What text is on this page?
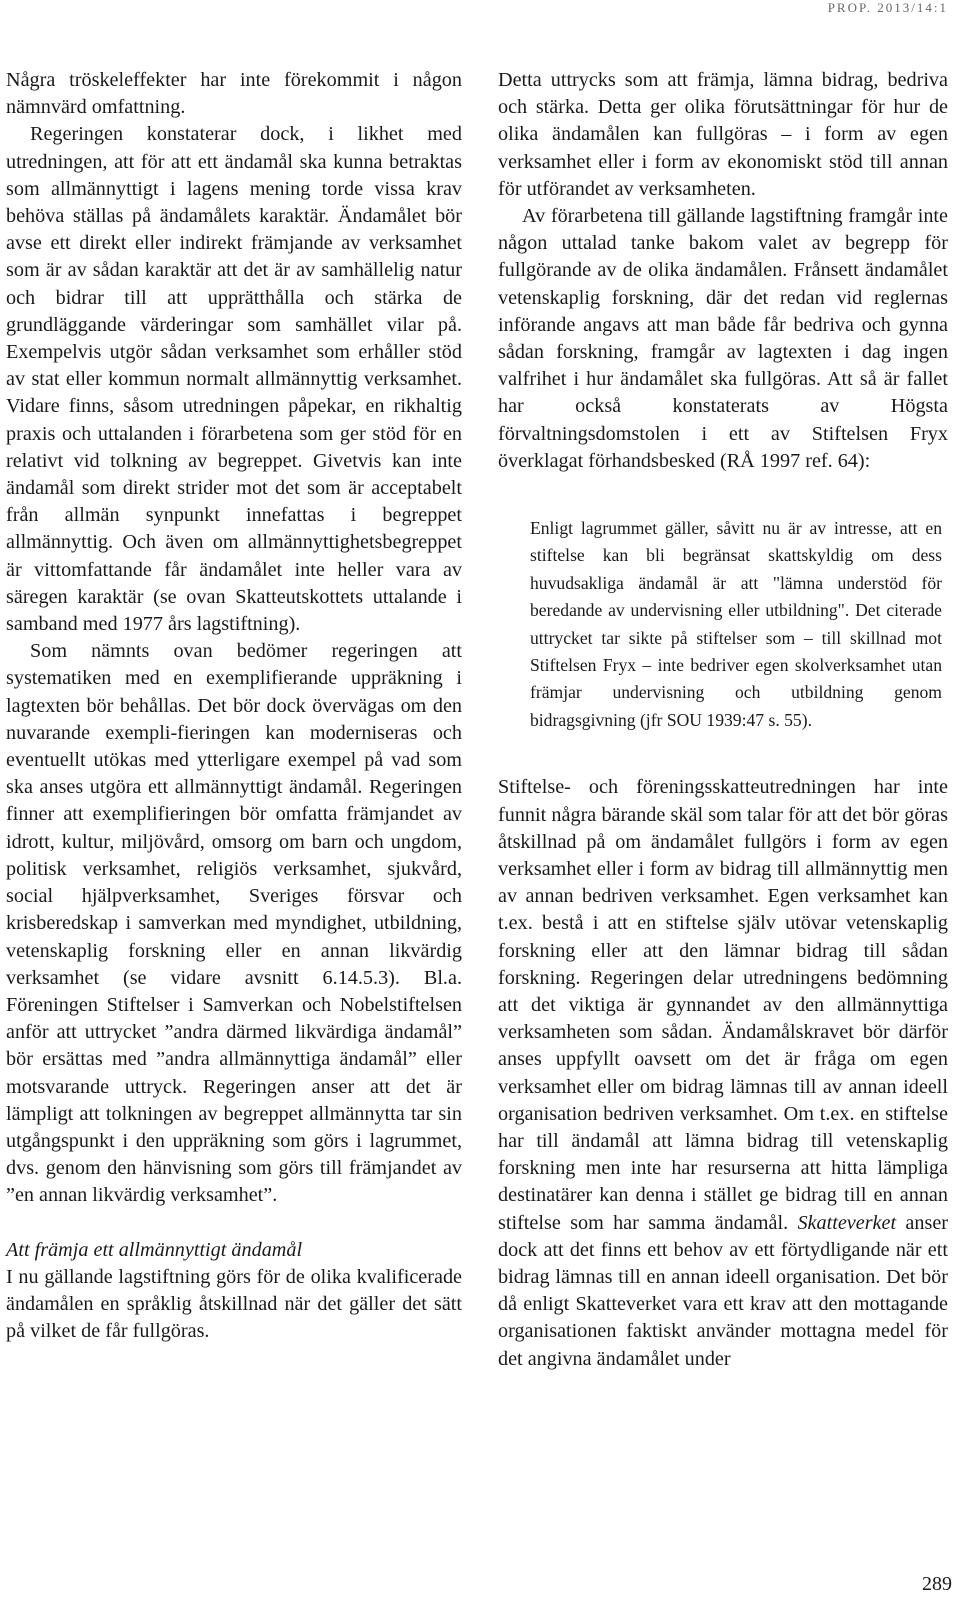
PROP. 2013/14:1

Några tröskeleffekter har inte förekommit i någon nämnvärd omfattning.

Regeringen konstaterar dock, i likhet med utredningen, att för att ett ändamål ska kunna betraktas som allmännyttigt i lagens mening torde vissa krav behöva ställas på ändamålets karaktär. Ändamålet bör avse ett direkt eller indirekt främjande av verksamhet som är av sådan karaktär att det är av samhällelig natur och bidrar till att upprätthålla och stärka de grundläggande värderingar som samhället vilar på. Exempelvis utgör sådan verksamhet som erhåller stöd av stat eller kommun normalt allmännyttig verksamhet. Vidare finns, såsom utredningen påpekar, en rikhaltig praxis och uttalanden i förarbetena som ger stöd för en relativt vid tolkning av begreppet. Givetvis kan inte ändamål som direkt strider mot det som är acceptabelt från allmän synpunkt innefattas i begreppet allmännyttig. Och även om allmännyttighetsbegreppet är vittomfattande får ändamålet inte heller vara av säregen karaktär (se ovan Skatteutskottets uttalande i samband med 1977 års lagstiftning).

Som nämnts ovan bedömer regeringen att systematiken med en exemplifierande uppräkning i lagtexten bör behållas. Det bör dock övervägas om den nuvarande exempli-fieringen kan moderniseras och eventuellt utökas med ytterligare exempel på vad som ska anses utgöra ett allmännyttigt ändamål. Regeringen finner att exemplifieringen bör omfatta främjandet av idrott, kultur, miljövård, omsorg om barn och ungdom, politisk verksamhet, religiös verksamhet, sjukvård, social hjälpverksamhet, Sveriges försvar och krisberedskap i samverkan med myndighet, utbildning, vetenskaplig forskning eller en annan likvärdig verksamhet (se vidare avsnitt 6.14.5.3). Bl.a. Föreningen Stiftelser i Samverkan och Nobelstiftelsen anför att uttrycket ”andra därmed likvärdiga ändamål” bör ersättas med ”andra allmännyttiga ändamål” eller motsvarande uttryck. Regeringen anser att det är lämpligt att tolkningen av begreppet allmännytta tar sin utgångspunkt i den uppräkning som görs i lagrummet, dvs. genom den hänvisning som görs till främjandet av ”en annan likvärdig verksamhet”.

Att främja ett allmännyttigt ändamål

I nu gällande lagstiftning görs för de olika kvalificerade ändamålen en språklig åtskillnad när det gäller det sätt på vilket de får fullgöras.

Detta uttrycks som att främja, lämna bidrag, bedriva och stärka. Detta ger olika förutsättningar för hur de olika ändamålen kan fullgöras – i form av egen verksamhet eller i form av ekonomiskt stöd till annan för utförandet av verksamheten.

Av förarbetena till gällande lagstiftning framgår inte någon uttalad tanke bakom valet av begrepp för fullgörande av de olika ändamålen. Frånsett ändamålet vetenskaplig forskning, där det redan vid reglernas införande angavs att man både får bedriva och gynna sådan forskning, framgår av lagtexten i dag ingen valfrihet i hur ändamålet ska fullgöras. Att så är fallet har också konstaterats av Högsta förvaltningsdomstolen i ett av Stiftelsen Fryx överklagat förhandsbesked (RÅ 1997 ref. 64):

Enligt lagrummet gäller, såvitt nu är av intresse, att en stiftelse kan bli begränsat skattskyldig om dess huvudsakliga ändamål är att "lämna understöd för beredande av undervisning eller utbildning". Det citerade uttrycket tar sikte på stiftelser som – till skillnad mot Stiftelsen Fryx – inte bedriver egen skolverksamhet utan främjar undervisning och utbildning genom bidragsgivning (jfr SOU 1939:47 s. 55).

Stiftelse- och föreningsskatteutredningen har inte funnit några bärande skäl som talar för att det bör göras åtskillnad på om ändamålet fullgörs i form av egen verksamhet eller i form av bidrag till allmännyttig men av annan bedriven verksamhet. Egen verksamhet kan t.ex. bestå i att en stiftelse själv utövar vetenskaplig forskning eller att den lämnar bidrag till sådan forskning. Regeringen delar utredningens bedömning att det viktiga är gynnandet av den allmännyttiga verksamheten som sådan. Ändamålskravet bör därför anses uppfyllt oavsett om det är fråga om egen verksamhet eller om bidrag lämnas till av annan ideell organisation bedriven verksamhet. Om t.ex. en stiftelse har till ändamål att lämna bidrag till vetenskaplig forskning men inte har resurserna att hitta lämpliga destinatärer kan denna i stället ge bidrag till en annan stiftelse som har samma ändamål. Skatteverket anser dock att det finns ett behov av ett förtydligande när ett bidrag lämnas till en annan ideell organisation. Det bör då enligt Skatteverket vara ett krav att den mottagande organisationen faktiskt använder mottagna medel för det angivna ändamålet under

289
